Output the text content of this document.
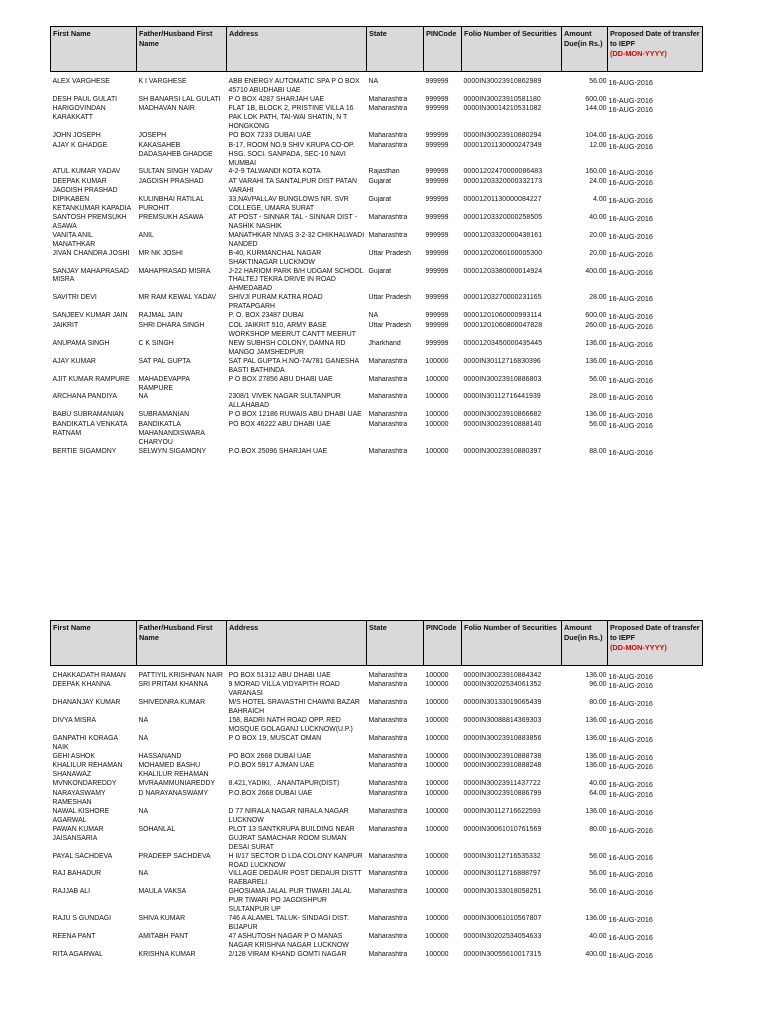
First Name	Father/Husband First Name	Address	State	PINCode	Folio Number of Securities	Amount Due(in Rs.)	Proposed Date of transfer to IEPF
(DD-MON-YYYY)

ALEX VARGHESE	K I VARGHESE	ABB ENERGY AUTOMATIC SPA P O BOX 45710 ABUDHABI UAE	NA	999999	0000IN30023910862989	56.00	16-AUG-2016
DESH PAUL GULATI	SH BANARSI LAL GULATI	P O BOX 4287 SHARJAH UAE	Maharashtra	999999	0000IN30023910581180	600.00	16-AUG-2016
HARIGOVINDAN KARAKKATT	MADHAVAN NAIR	FLAT 1B, BLOCK 2, PRISTINE VILLA 16 PAK LOK PATH, TAI-WAI SHATIN, N T HONGKONG	Maharashtra	999999	0000IN30014210531082	144.00	16-AUG-2016
JOHN JOSEPH	JOSEPH	PO BOX 7233 DUBAI UAE	Maharashtra	999999	0000IN30023910880294	104.00	16-AUG-2016
AJAY K GHADGE	KAKASAHEB DADASAHEB GHADGE	B-17, ROOM NO.9 SHIV KRUPA CO-OP. HSG. SOCI. SANPADA, SEC-10 NAVI MUMBAI	Maharashtra	999999	00001201130000247349	12.00	16-AUG-2016
ATUL KUMAR YADAV	SULTAN SINGH YADAV	4-2-9 TALWANDI KOTA KOTA	Rajasthan	999999	00001202470000086483	160.00	16-AUG-2016
DEEPAK KUMAR JAGDISH PRASHAD	JAGDISH PRASHAD	AT VARAHI TA SANTALPUR DIST PATAN VARAHI	Gujarat	999999	00001203320000332173	24.00	16-AUG-2016
DIPIKABEN KETANKUMAR KAPADIA	KULINBHAI RATILAL PUROHIT	33,NAVPALLAV BUNGLOWS NR. SVR COLLEGE, UMARA SURAT	Gujarat	999999	00001201130000084227	4.00	16-AUG-2016
SANTOSH PREMSUKH ASAWA	PREMSUKH ASAWA	AT POST - SINNAR TAL - SINNAR DIST - NASHIK NASHIK	Maharashtra	999999	00001203320000258505	40.00	16-AUG-2016
VANITA ANIL MANATHKAR	ANIL	MANATHKAR NIVAS 3-2-32 CHIKHALWADI NANDED	Maharashtra	999999	00001203320000438161	20.00	16-AUG-2016
JIVAN CHANDRA JOSHI	MR NK JOSHI	B-40, KURMANCHAL NAGAR SHAKTINAGAR LUCKNOW	Uttar Pradesh	999999	00001202060100005300	20.00	16-AUG-2016
SANJAY MAHAPRASAD MISRA	MAHAPRASAD MISRA	J-22 HARIOM PARK B/H UDGAM SCHOOL THALTEJ TEKRA DRIVE IN ROAD AHMEDABAD	Gujarat	999999	00001203380000014924	400.00	16-AUG-2016
SAVITRI DEVI	MR RAM KEWAL YADAV	SHIVJI PURAM KATRA ROAD PRATAPGARH	Uttar Pradesh	999999	00001203270000231165	28.00	16-AUG-2016
SANJEEV KUMAR JAIN	RAJMAL JAIN	P. O. BOX 23487 DUBAI	NA	999999	00001201060000993114	600.00	16-AUG-2016
JAIKRIT	SHRI DHARA SINGH	COL JAIKRIT 510, ARMY BASE WORKSHOP MEERUT CANTT MEERUT	Uttar Pradesh	999999	00001201060800047828	260.00	16-AUG-2016
ANUPAMA SINGH	C K SINGH	NEW SUBHSH COLONY, DAMNA RD MANGO JAMSHEDPUR	Jharkhand	999999	00001203450000435445	136.00	16-AUG-2016
AJAY KUMAR	SAT PAL GUPTA	SAT PAL GUPTA H.NO-7A/781 GANESHA BASTI BATHINDA	Maharashtra	100000	0000IN30112716830396	136.00	16-AUG-2016
AJIT KUMAR RAMPURE	MAHADEVAPPA RAMPURE	P O BOX 27856 ABU DHABI UAE	Maharashtra	100000	0000IN30023910886803	56.00	16-AUG-2016
ARCHANA PANDIYA	NA	2308/1 VIVEK NAGAR SULTANPUR ALLAHABAD	Maharashtra	100000	0000IN30112716441939	28.00	16-AUG-2016
BABU SUBRAMANIAN	SUBRAMANIAN	P O BOX 12186 RUWAIS ABU DHABI UAE	Maharashtra	100000	0000IN30023910866682	136.00	16-AUG-2016
BANDIKATLA VENKATA RATNAM	BANDIKATLA MAHANANDISWARA CHARYOU	PO BOX 46222 ABU DHABI UAE	Maharashtra	100000	0000IN30023910888140	56.00	16-AUG-2016
BERTIE SIGAMONY	SELWYN SIGAMONY	P.O.BOX 25096 SHARJAH UAE	Maharashtra	100000	0000IN30023910880397	88.00	16-AUG-2016
First Name	Father/Husband First Name	Address	State	PINCode	Folio Number of Securities	Amount Due(in Rs.)	Proposed Date of transfer to IEPF
(DD-MON-YYYY)

CHAKKADATH RAMAN	PATTIYIL KRISHNAN NAIR	PO BOX 51312 ABU DHABI UAE	Maharashtra	100000	0000IN30023910884342	136.00	16-AUG-2016
DEEPAK KHANNA	SRI PRITAM KHANNA	9 MORAD VILLA VIDYAPITH ROAD VARANASI	Maharashtra	100000	0000IN30202534061352	96.00	16-AUG-2016
DHANANJAY KUMAR	SHIVEDNRA KUMAR	M/S HOTEL SRAVASTHI CHAWNI BAZAR BAHRAICH	Maharashtra	100000	0000IN30133019065439	80.00	16-AUG-2016
DIVYA MISRA	NA	158, BADRI NATH ROAD OPP. RED MOSQUE GOLAGANJ LUCKNOW(U.P.)	Maharashtra	100000	0000IN30088814369303	136.00	16-AUG-2016
GANPATHI KORAGA NAIK	NA	P O BOX 19, MUSCAT OMAN	Maharashtra	100000	0000IN30023910883856	136.00	16-AUG-2016
GEHI ASHOK	HASSANAND	PO BOX 2668 DUBAI UAE	Maharashtra	100000	0000IN30023910888738	136.00	16-AUG-2016
KHALILUR REHAMAN SHANAWAZ	MOHAMED BASHU KHALILUR REHAMAN	P.O.BOX 5917 AJMAN UAE	Maharashtra	100000	0000IN30023910888248	136.00	16-AUG-2016
MVNKONDAREDDY	MVRAAMMUNIAREDDY	8.421,YADIKI, . ANANTAPUR(DIST)	Maharashtra	100000	0000IN30023911437722	40.00	16-AUG-2016
NARAYASWAMY RAMESHAN	D NARAYANASWAMY	P.O.BOX 2668 DUBAI UAE	Maharashtra	100000	0000IN30023910886799	64.00	16-AUG-2016
NAWAL KISHORE AGARWAL	NA	D 77 NIRALA NAGAR NIRALA NAGAR LUCKNOW	Maharashtra	100000	0000IN30112716622593	136.00	16-AUG-2016
PAWAN KUMAR JAISANSARIA	SOHANLAL	PLOT 13 SANTKRUPA BUILDING NEAR GUJRAT SAMACHAR ROOM SUMAN DESAI SURAT	Maharashtra	100000	0000IN30061010761569	80.00	16-AUG-2016
PAYAL SACHDEVA	PRADEEP SACHDEVA	H II/17 SECTOR D LDA COLONY KANPUR ROAD LUCKNOW	Maharashtra	100000	0000IN30112716535332	56.00	16-AUG-2016
RAJ BAHADUR	NA	VILLAGE DEDAUR POST DEDAUR DISTT RAEBARELI	Maharashtra	100000	0000IN30112716888797	56.00	16-AUG-2016
RAJJAB ALI	MAULA VAKSA	GHOSIAMA JALAL PUR TIWARI JALAL PUR TIWARI PO JAGDISHPUR SULTANPUR UP	Maharashtra	100000	0000IN30133018058251	56.00	16-AUG-2016
RAJU S GUNDAGI	SHIVA KUMAR	746 A ALAMEL TALUK- SINDAGI DIST. BIJAPUR	Maharashtra	100000	0000IN30061010567807	136.00	16-AUG-2016
REENA PANT	AMITABH PANT	47 ASHUTOSH NAGAR P O MANAS NAGAR KRISHNA NAGAR LUCKNOW	Maharashtra	100000	0000IN30202534054633	40.00	16-AUG-2016
RITA AGARWAL	KRISHNA KUMAR	2/128 VIRAM KHAND GOMTI NAGAR	Maharashtra	100000	0000IN30055610017315	400.00	16-AUG-2016
